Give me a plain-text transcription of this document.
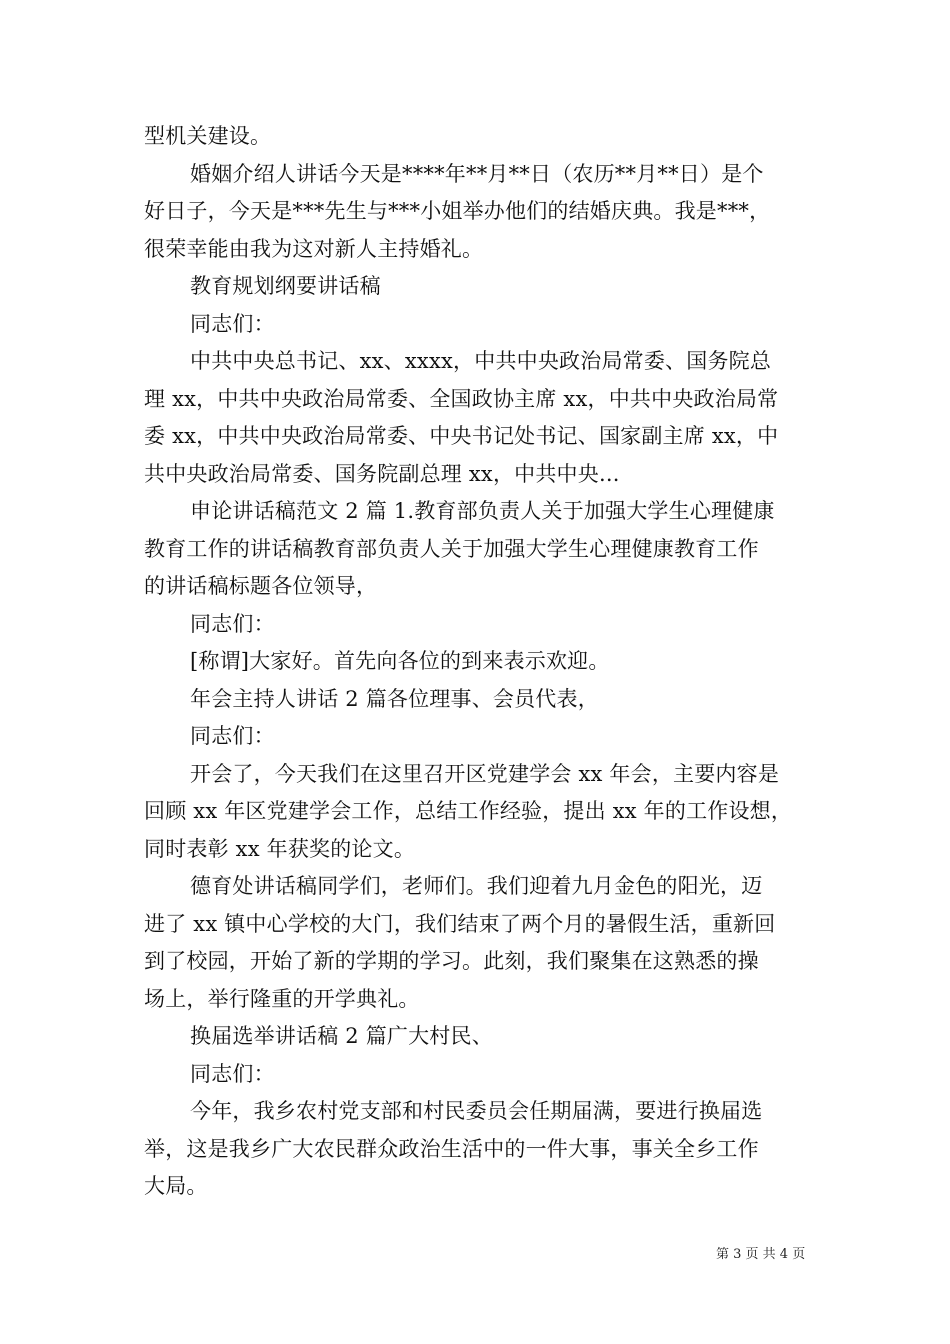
型机关建设。
婚姻介绍人讲话今天是****年**月**日（农历**月**日）是个
好日子，今天是***先生与***小姐举办他们的结婚庆典。我是***，
很荣幸能由我为这对新人主持婚礼。
教育规划纲要讲话稿
同志们：
中共中央总书记、xx、xxxx，中共中央政治局常委、国务院总
理 xx，中共中央政治局常委、全国政协主席 xx，中共中央政治局常
委 xx，中共中央政治局常委、中央书记处书记、国家副主席 xx，中
共中央政治局常委、国务院副总理 xx，中共中央...
申论讲话稿范文 2 篇 1.教育部负责人关于加强大学生心理健康
教育工作的讲话稿教育部负责人关于加强大学生心理健康教育工作
的讲话稿标题各位领导，
同志们：
[称谓]大家好。首先向各位的到来表示欢迎。
年会主持人讲话 2 篇各位理事、会员代表，
同志们：
开会了，今天我们在这里召开区党建学会 xx 年会，主要内容是
回顾 xx 年区党建学会工作，总结工作经验，提出 xx 年的工作设想，
同时表彰 xx 年获奖的论文。
德育处讲话稿同学们，老师们。我们迎着九月金色的阳光，迈
进了 xx 镇中心学校的大门，我们结束了两个月的暑假生活，重新回
到了校园，开始了新的学期的学习。此刻，我们聚集在这熟悉的操
场上，举行隆重的开学典礼。
换届选举讲话稿 2 篇广大村民、
同志们：
今年，我乡农村党支部和村民委员会任期届满，要进行换届选
举，这是我乡广大农民群众政治生活中的一件大事，事关全乡工作
大局。
第 3 页 共 4 页
